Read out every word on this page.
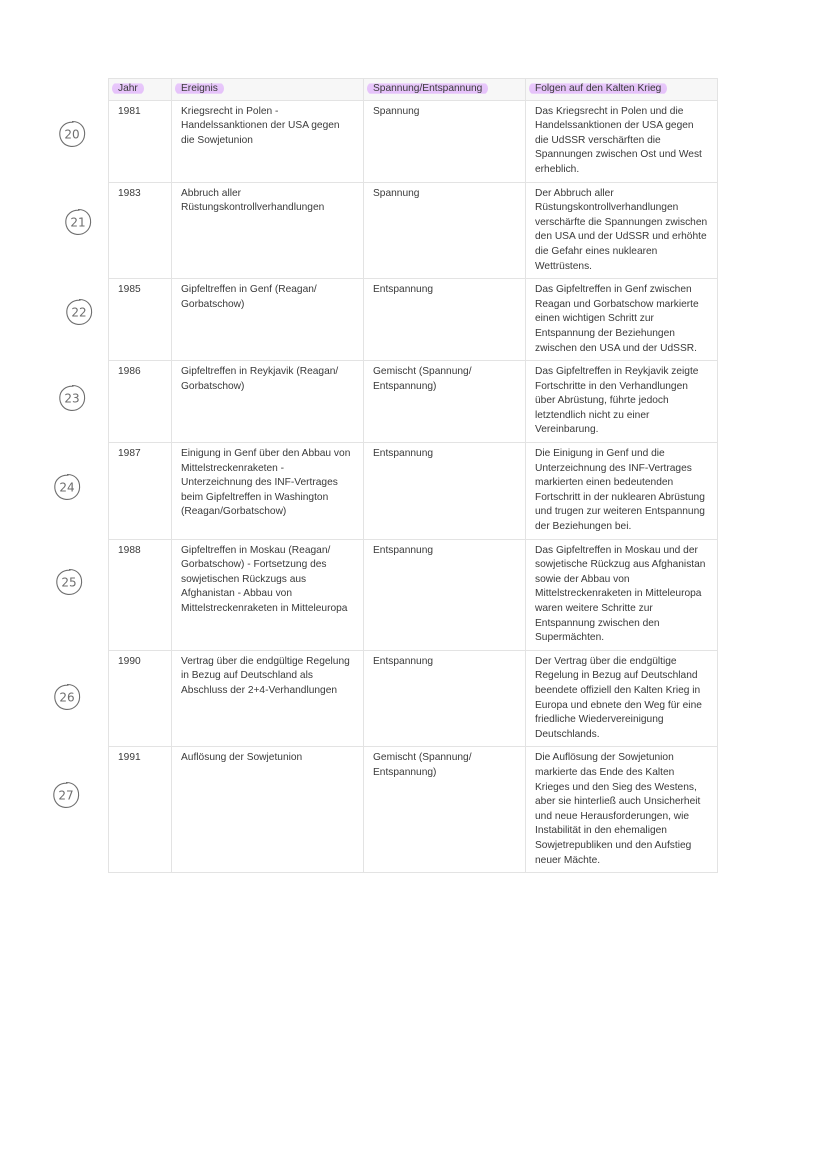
Jahr	Ereignis	Spannung/Entspannung	Folgen auf den Kalten Krieg
1981	Kriegsrecht in Polen - Handelssanktionen der USA gegen die Sowjetunion	Spannung	Das Kriegsrecht in Polen und die Handelssanktionen der USA gegen die UdSSR verschärften die Spannungen zwischen Ost und West erheblich.
1983	Abbruch aller Rüstungskontrollverhandlungen	Spannung	Der Abbruch aller Rüstungskontrollverhandlungen verschärfte die Spannungen zwischen den USA und der UdSSR und erhöhte die Gefahr eines nuklearen Wettrüstens.
1985	Gipfeltreffen in Genf (Reagan/ Gorbatschow)	Entspannung	Das Gipfeltreffen in Genf zwischen Reagan und Gorbatschow markierte einen wichtigen Schritt zur Entspannung der Beziehungen zwischen den USA und der UdSSR.
1986	Gipfeltreffen in Reykjavik (Reagan/ Gorbatschow)	Gemischt (Spannung/ Entspannung)	Das Gipfeltreffen in Reykjavik zeigte Fortschritte in den Verhandlungen über Abrüstung, führte jedoch letztendlich nicht zu einer Vereinbarung.
1987	Einigung in Genf über den Abbau von Mittelstreckenraketen - Unterzeichnung des INF-Vertrages beim Gipfeltreffen in Washington (Reagan/Gorbatschow)	Entspannung	Die Einigung in Genf und die Unterzeichnung des INF-Vertrages markierten einen bedeutenden Fortschritt in der nuklearen Abrüstung und trugen zur weiteren Entspannung der Beziehungen bei.
1988	Gipfeltreffen in Moskau (Reagan/ Gorbatschow) - Fortsetzung des sowjetischen Rückzugs aus Afghanistan - Abbau von Mittelstreckenraketen in Mitteleuropa	Entspannung	Das Gipfeltreffen in Moskau und der sowjetische Rückzug aus Afghanistan sowie der Abbau von Mittelstreckenraketen in Mitteleuropa waren weitere Schritte zur Entspannung zwischen den Supermächten.
1990	Vertrag über die endgültige Regelung in Bezug auf Deutschland als Abschluss der 2+4-Verhandlungen	Entspannung	Der Vertrag über die endgültige Regelung in Bezug auf Deutschland beendete offiziell den Kalten Krieg in Europa und ebnete den Weg für eine friedliche Wiedervereinigung Deutschlands.
1991	Auflösung der Sowjetunion	Gemischt (Spannung/ Entspannung)	Die Auflösung der Sowjetunion markierte das Ende des Kalten Krieges und den Sieg des Westens, aber sie hinterließ auch Unsicherheit und neue Herausforderungen, wie Instabilität in den ehemaligen Sowjetrepubliken und den Aufstieg neuer Mächte.
20
21
22
23
24
25
26
27
